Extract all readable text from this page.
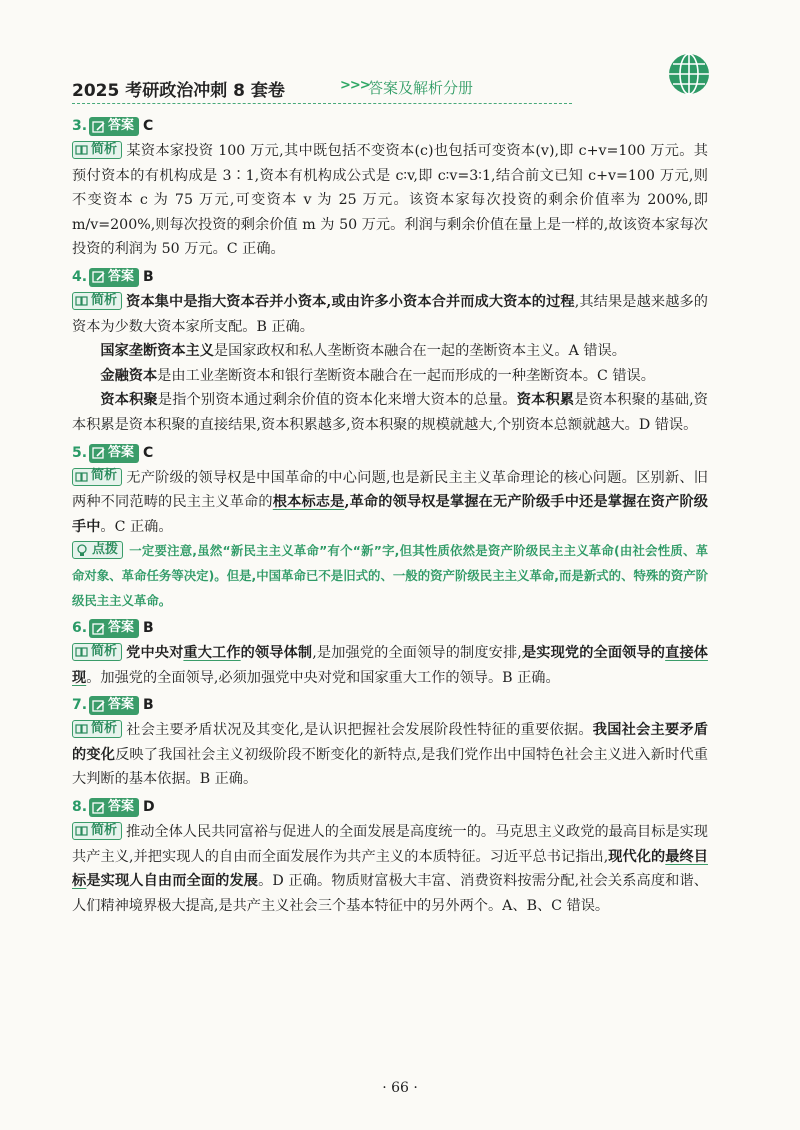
2025 考研政治冲刺 8 套卷	>>>
答案及解析分册
3. 答案 C
简析 某资本家投资 100 万元,其中既包括不变资本(c)也包括可变资本(v),即 c+v=100 万元。其预付资本的有机构成是 3∶1,资本有机构成公式是 c∶v,即 c∶v=3∶1,结合前文已知 c+v=100 万元,则不变资本 c 为 75 万元,可变资本 v 为 25 万元。该资本家每次投资的剩余价值率为 200%,即 m/v=200%,则每次投资的剩余价值 m 为 50 万元。利润与剩余价值在量上是一样的,故该资本家每次投资的利润为 50 万元。C 正确。
4. 答案 B
简析 资本集中是指大资本吞并小资本,或由许多小资本合并而成大资本的过程,其结果是越来越多的资本为少数大资本家所支配。B 正确。
国家垄断资本主义是国家政权和私人垄断资本融合在一起的垄断资本主义。A 错误。
金融资本是由工业垄断资本和银行垄断资本融合在一起而形成的一种垄断资本。C 错误。
资本积聚是指个别资本通过剩余价值的资本化来增大资本的总量。资本积累是资本积聚的基础,资本积累是资本积聚的直接结果,资本积累越多,资本积聚的规模就越大,个别资本总额就越大。D 错误。
5. 答案 C
简析 无产阶级的领导权是中国革命的中心问题,也是新民主主义革命理论的核心问题。区别新、旧两种不同范畴的民主主义革命的根本标志是,革命的领导权是掌握在无产阶级手中还是掌握在资产阶级手中。C 正确。
点拨 一定要注意,虽然“新民主主义革命”有个“新”字,但其性质依然是资产阶级民主主义革命(由社会性质、革命对象、革命任务等决定)。但是,中国革命已不是旧式的、一般的资产阶级民主主义革命,而是新式的、特殊的资产阶级民主主义革命。
6. 答案 B
简析 党中央对重大工作的领导体制,是加强党的全面领导的制度安排,是实现党的全面领导的直接体现。加强党的全面领导,必须加强党中央对党和国家重大工作的领导。B 正确。
7. 答案 B
简析 社会主要矛盾状况及其变化,是认识把握社会发展阶段性特征的重要依据。我国社会主要矛盾的变化反映了我国社会主义初级阶段不断变化的新特点,是我们党作出中国特色社会主义进入新时代重大判断的基本依据。B 正确。
8. 答案 D
简析 推动全体人民共同富裕与促进人的全面发展是高度统一的。马克思主义政党的最高目标是实现共产主义,并把实现人的自由而全面发展作为共产主义的本质特征。习近平总书记指出,现代化的最终目标是实现人自由而全面的发展。D 正确。物质财富极大丰富、消费资料按需分配,社会关系高度和谐、人们精神境界极大提高,是共产主义社会三个基本特征中的另外两个。A、B、C 错误。
· 66 ·
